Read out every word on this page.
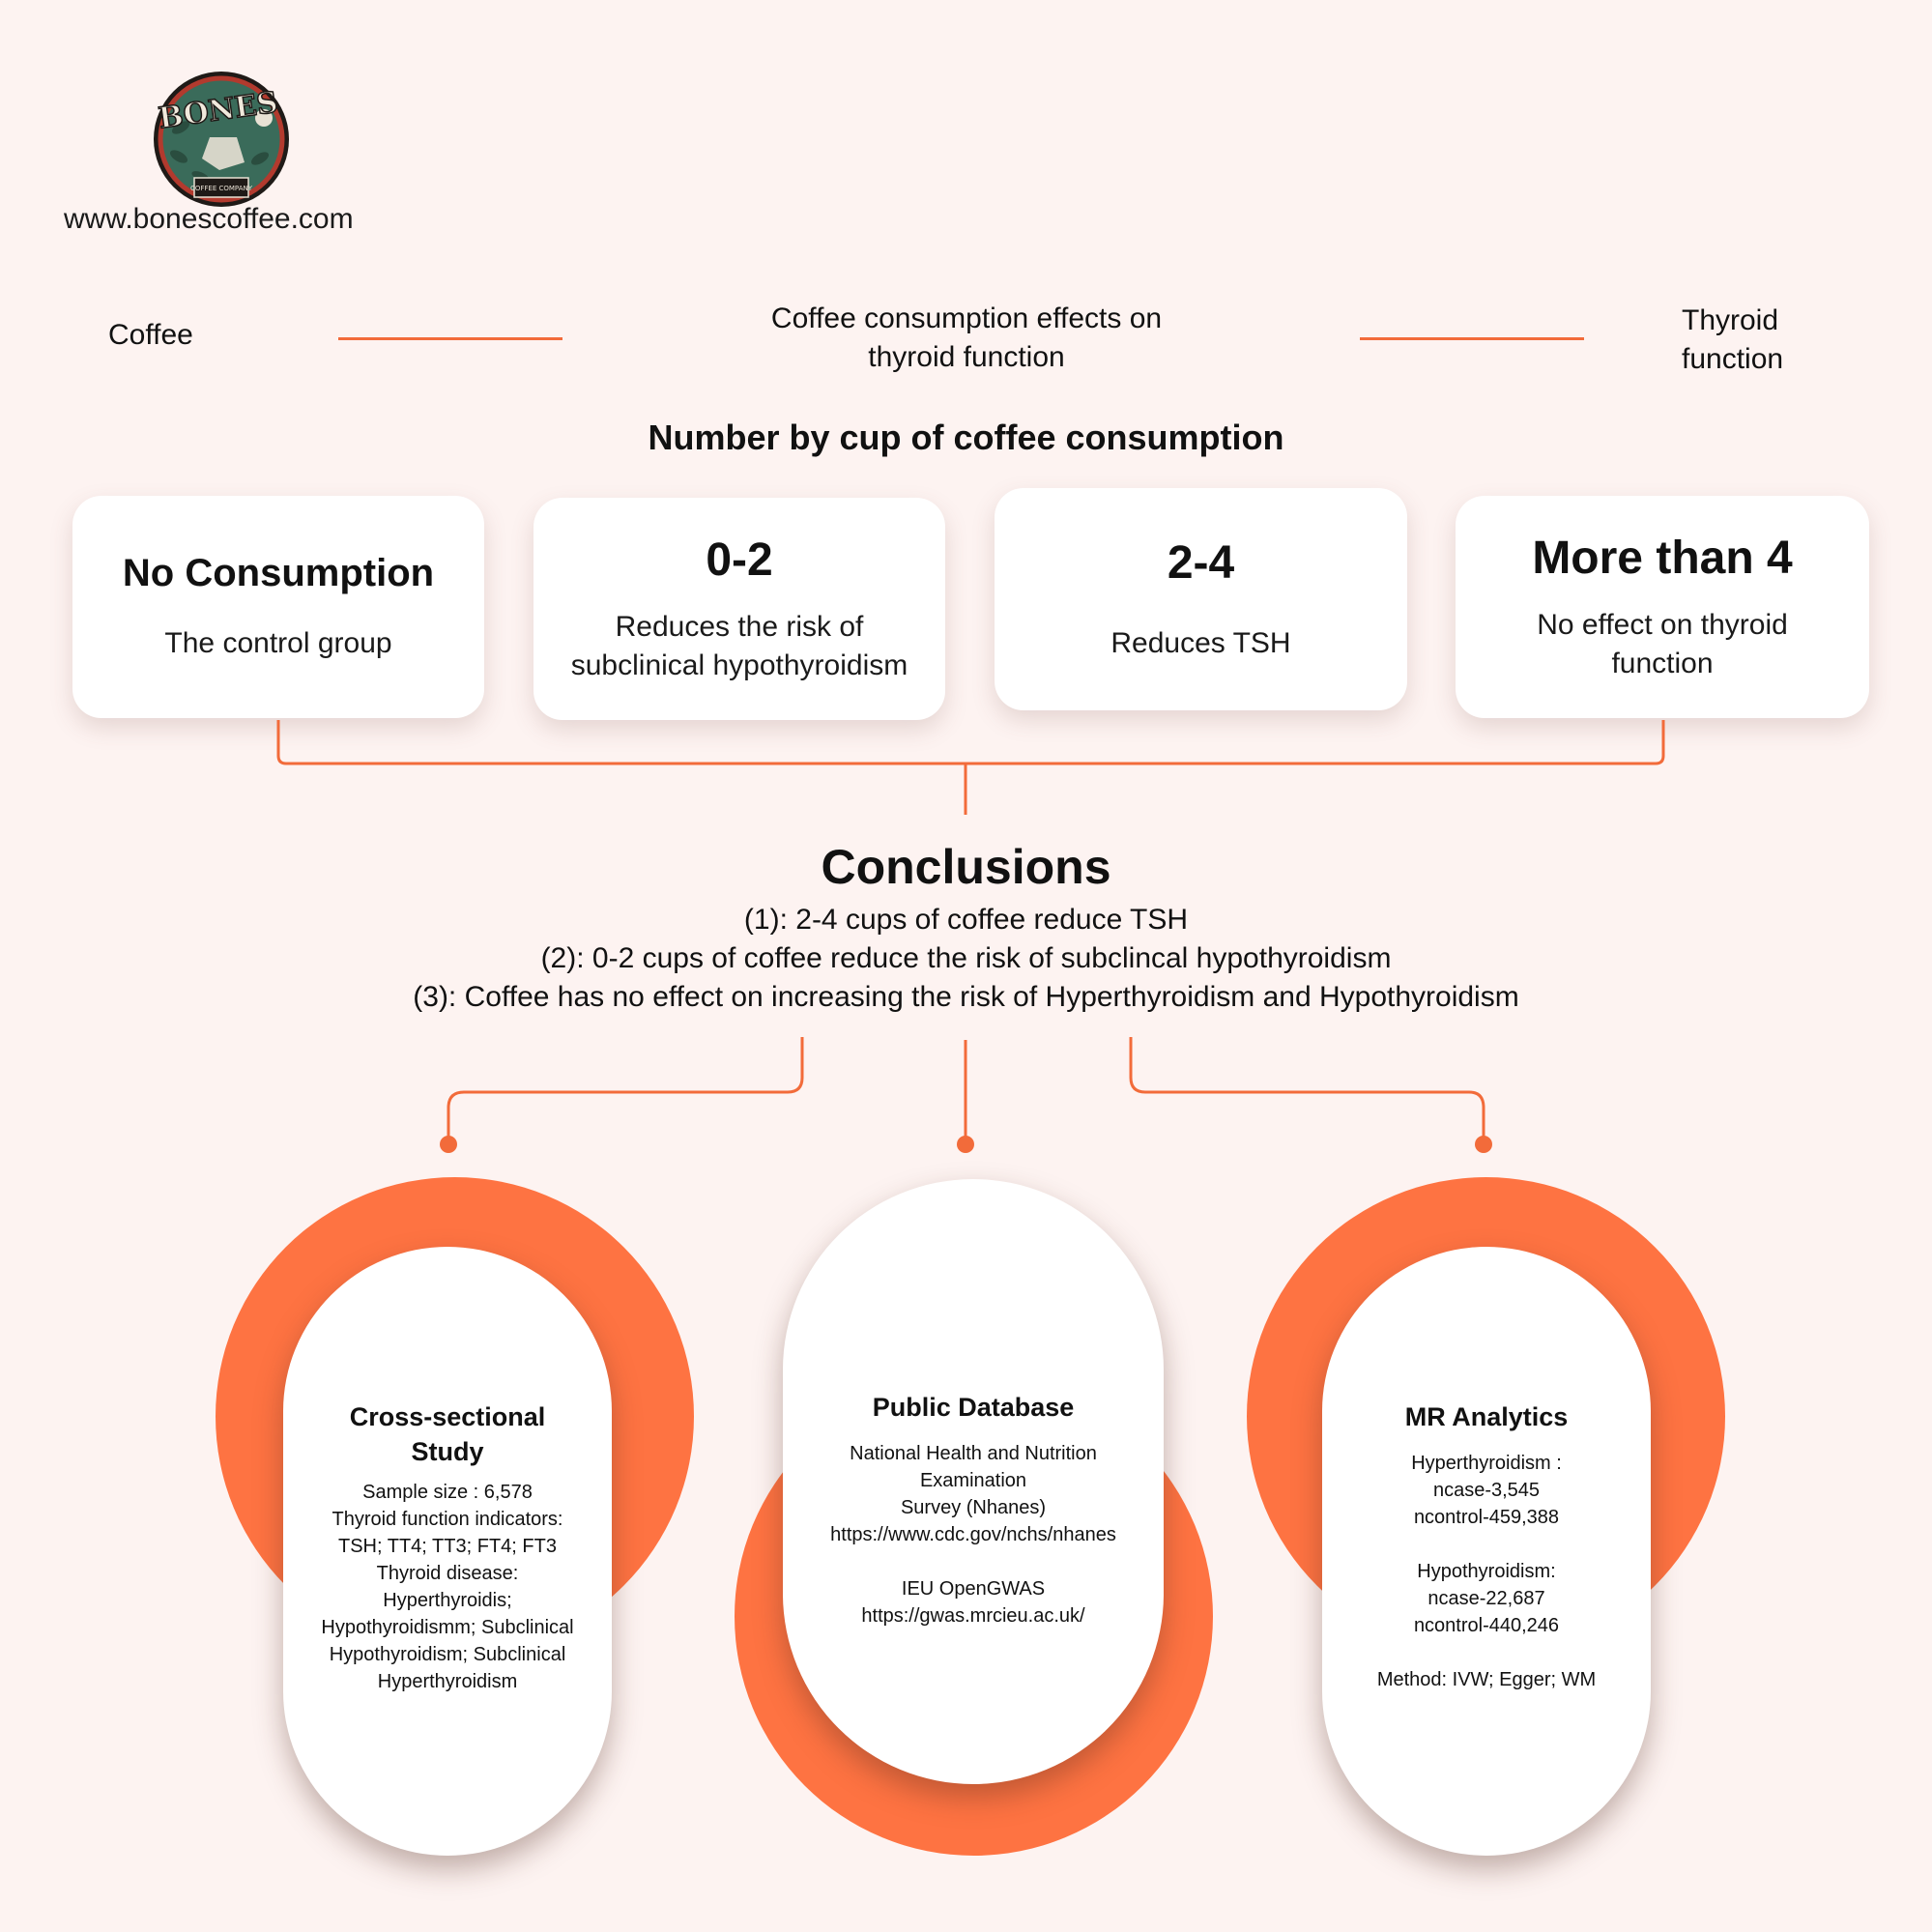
COFFEE COMPANY
BONES
www.bonescoffee.com
Coffee
Coffee consumption effects on
thyroid function
Thyroid
function
Number by cup of coffee consumption
No Consumption
The control group
0-2
Reduces the risk of
subclinical hypothyroidism
2-4
Reduces TSH
More than 4
No effect on thyroid
function
Conclusions
(1): 2-4 cups of coffee reduce TSH
(2): 0-2 cups of coffee reduce the risk of subclincal hypothyroidism
(3): Coffee has no effect on increasing the risk of Hyperthyroidism and Hypothyroidism
Cross-sectional
Study
Sample size : 6,578
Thyroid function indicators:
TSH; TT4; TT3; FT4; FT3
Thyroid disease:
Hyperthyroidis;
Hypothyroidismm; Subclinical
Hypothyroidism; Subclinical
Hyperthyroidism
Public Database
National Health and Nutrition
Examination
Survey (Nhanes)
https://www.cdc.gov/nchs/nhanes

IEU OpenGWAS
https://gwas.mrcieu.ac.uk/
MR Analytics
Hyperthyroidism :
ncase-3,545
ncontrol-459,388

Hypothyroidism:
ncase-22,687
ncontrol-440,246

Method: IVW; Egger; WM
